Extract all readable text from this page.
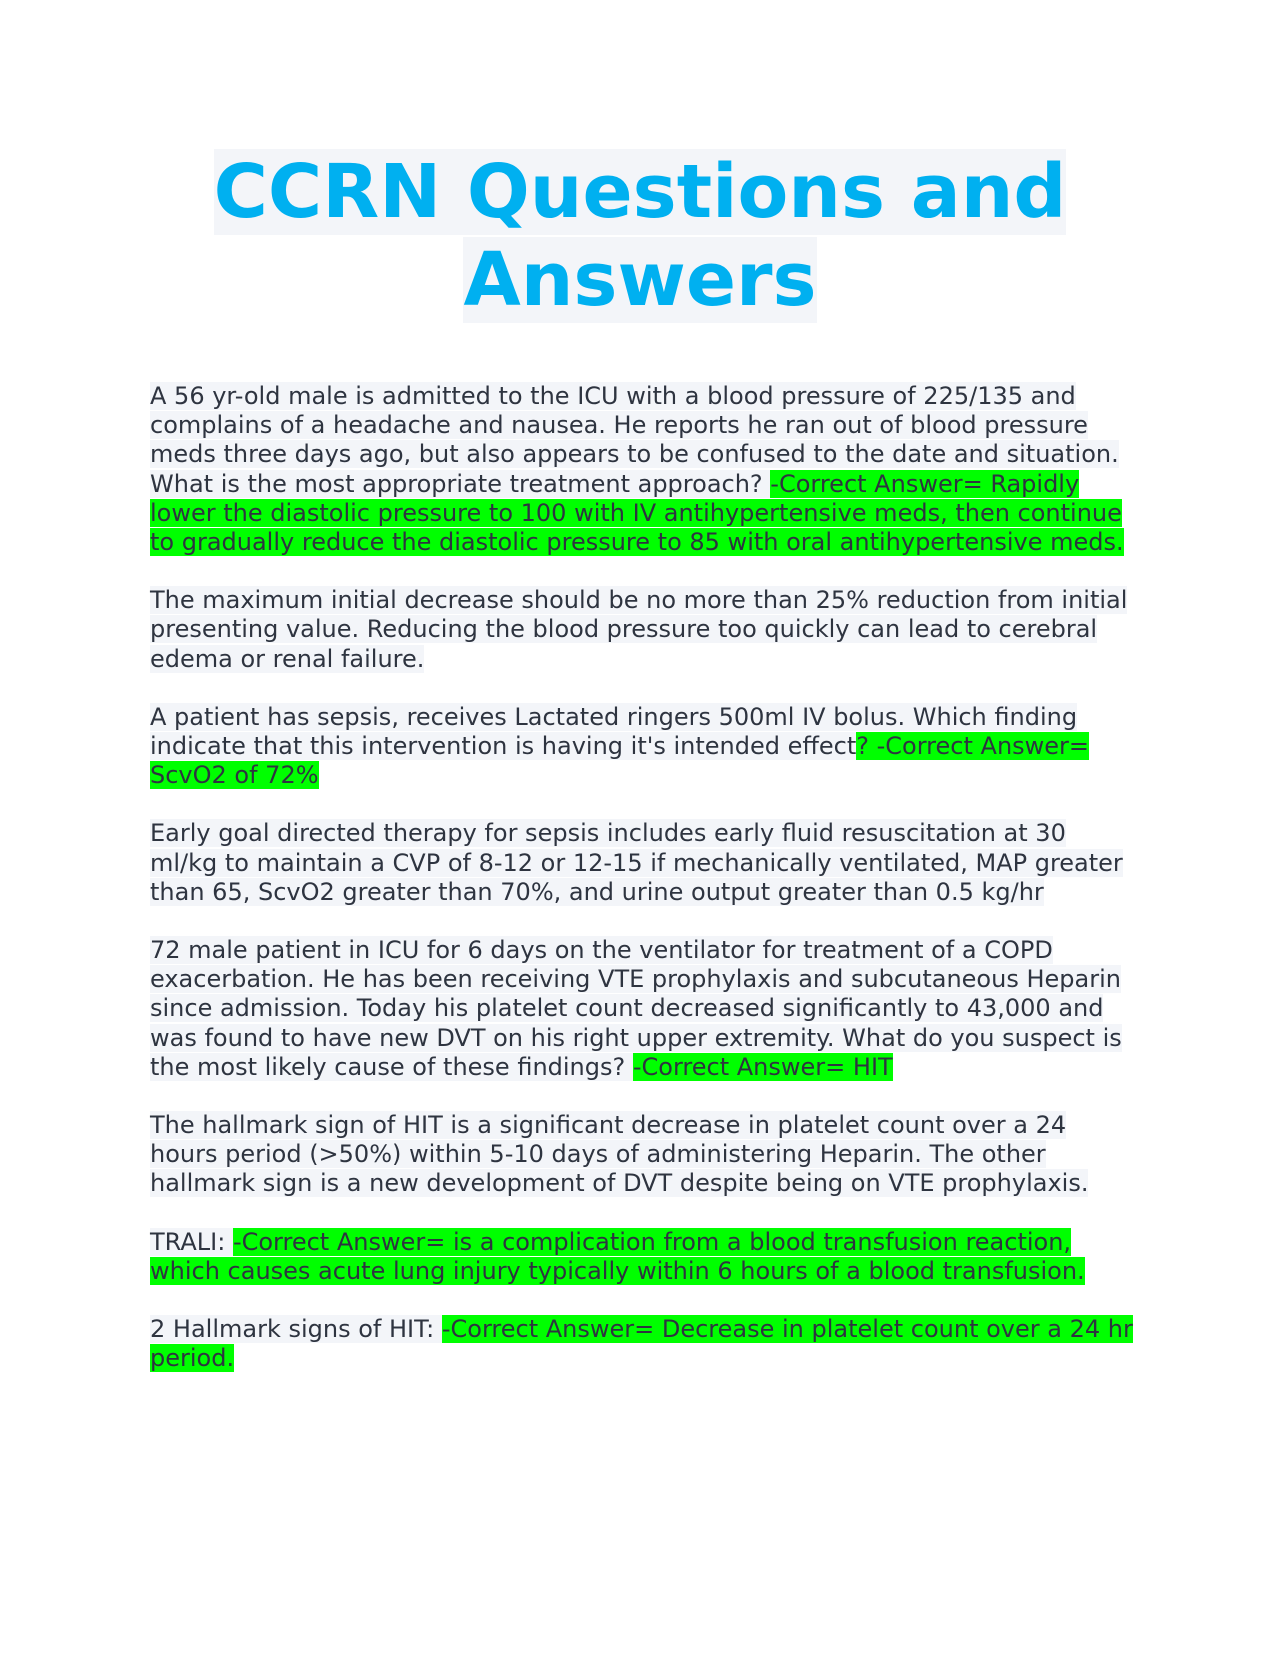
CCRN Questions and Answers

A 56 yr-old male is admitted to the ICU with a blood pressure of 225/135 and complains of a headache and nausea. He reports he ran out of blood pressure meds three days ago, but also appears to be confused to the date and situation. What is the most appropriate treatment approach? -Correct Answer= Rapidly lower the diastolic pressure to 100 with IV antihypertensive meds, then continue to gradually reduce the diastolic pressure to 85 with oral antihypertensive meds.

The maximum initial decrease should be no more than 25% reduction from initial presenting value. Reducing the blood pressure too quickly can lead to cerebral edema or renal failure.

A patient has sepsis, receives Lactated ringers 500ml IV bolus. Which finding indicate that this intervention is having it's intended effect? -Correct Answer= ScvO2 of 72%

Early goal directed therapy for sepsis includes early fluid resuscitation at 30 ml/kg to maintain a CVP of 8-12 or 12-15 if mechanically ventilated, MAP greater than 65, ScvO2 greater than 70%, and urine output greater than 0.5 kg/hr

72 male patient in ICU for 6 days on the ventilator for treatment of a COPD exacerbation. He has been receiving VTE prophylaxis and subcutaneous Heparin since admission. Today his platelet count decreased significantly to 43,000 and was found to have new DVT on his right upper extremity. What do you suspect is the most likely cause of these findings? -Correct Answer= HIT

The hallmark sign of HIT is a significant decrease in platelet count over a 24 hours period (>50%) within 5-10 days of administering Heparin. The other hallmark sign is a new development of DVT despite being on VTE prophylaxis.

TRALI: -Correct Answer= is a complication from a blood transfusion reaction, which causes acute lung injury typically within 6 hours of a blood transfusion.

2 Hallmark signs of HIT: -Correct Answer= Decrease in platelet count over a 24 hr period.
